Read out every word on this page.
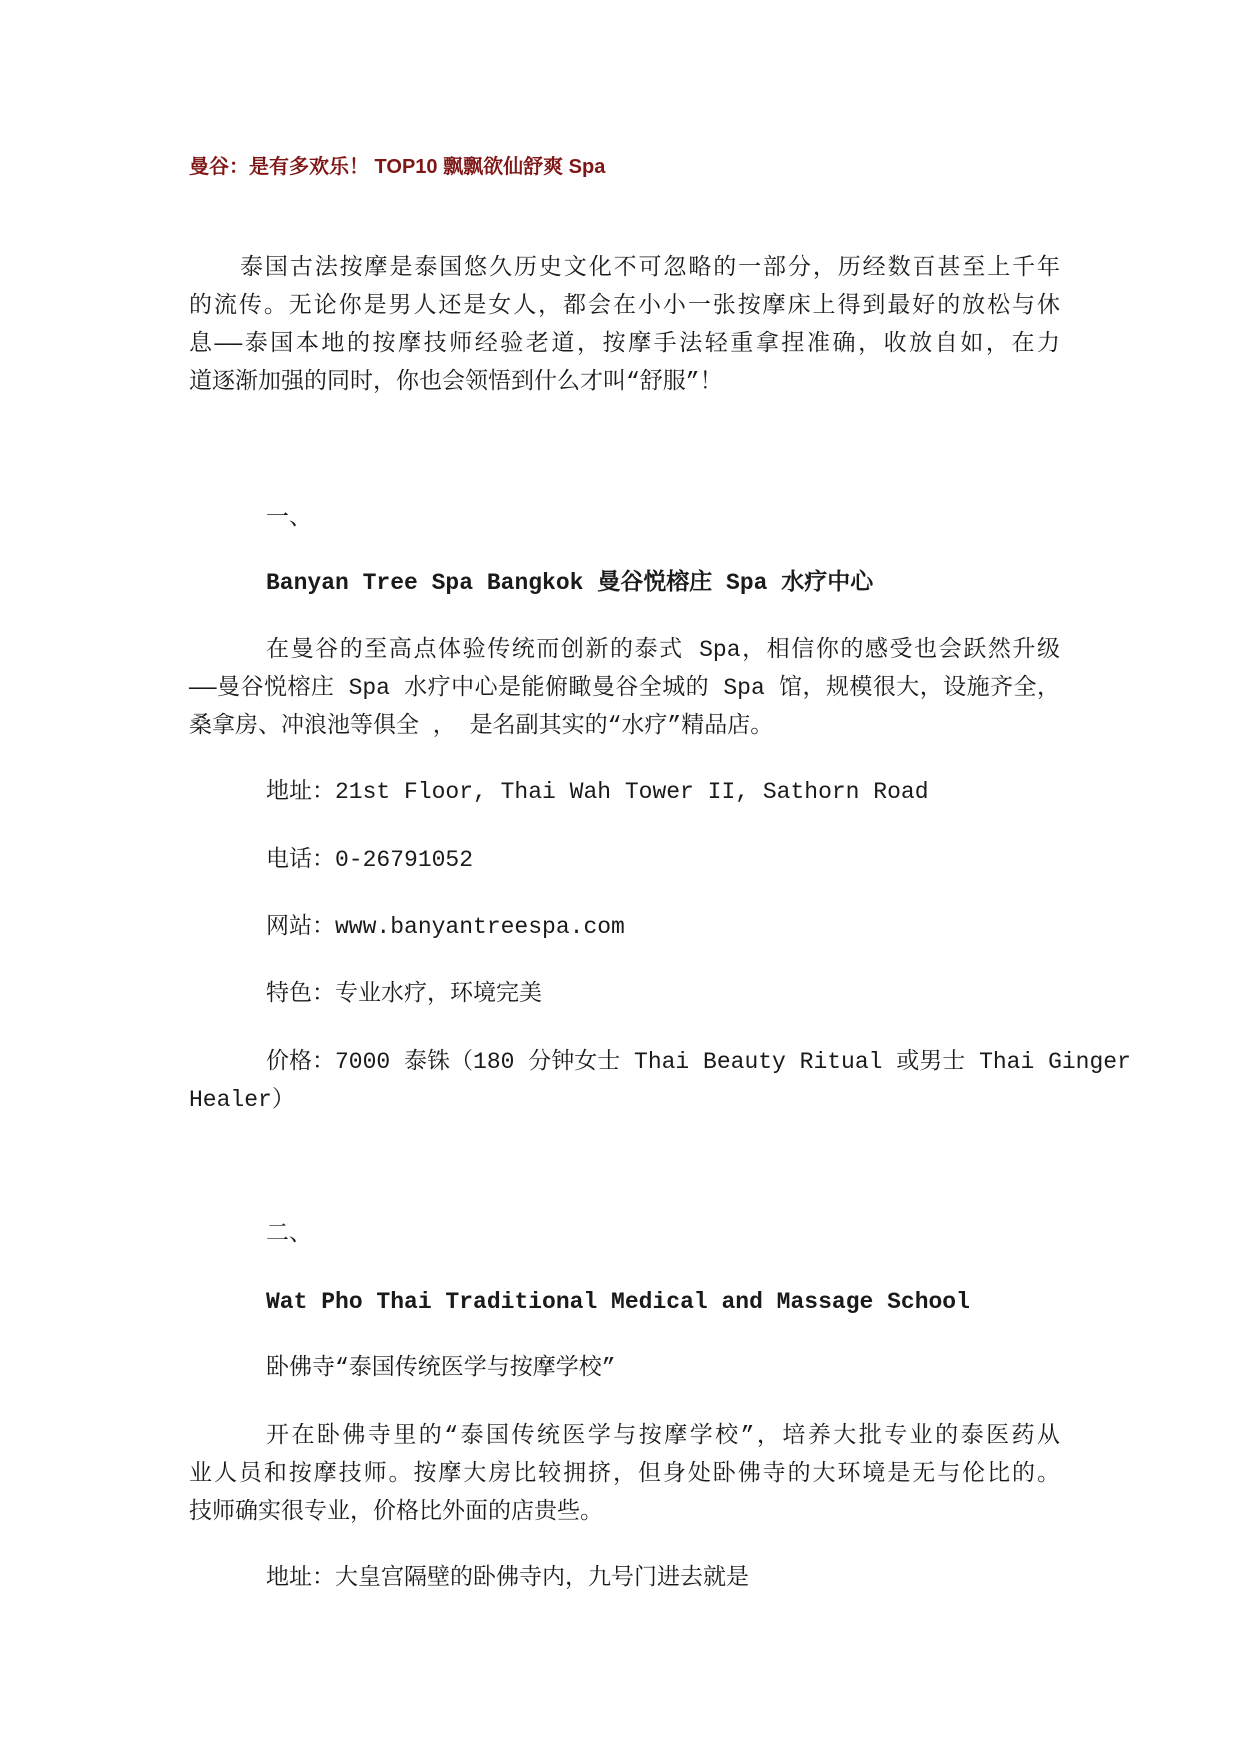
曼谷：是有多欢乐！ TOP10 飘飘欲仙舒爽 Spa
泰国古法按摩是泰国悠久历史文化不可忽略的一部分，历经数百甚至上千年
的流传。无论你是男人还是女人，都会在小小一张按摩床上得到最好的放松与休
息——泰国本地的按摩技师经验老道，按摩手法轻重拿捏准确，收放自如，在力
道逐渐加强的同时，你也会领悟到什么才叫“舒服”！
一、
Banyan Tree Spa Bangkok 曼谷悦榕庄 Spa 水疗中心
在曼谷的至高点体验传统而创新的泰式 Spa，相信你的感受也会跃然升级
——曼谷悦榕庄 Spa 水疗中心是能俯瞰曼谷全城的 Spa 馆，规模很大，设施齐全，
桑拿房、冲浪池等俱全 ， 是名副其实的“水疗”精品店。
地址：21st Floor, Thai Wah Tower II, Sathorn Road
电话：0-26791052
网站：www.banyantreespa.com
特色：专业水疗，环境完美
价格：7000 泰铢（180 分钟女士 Thai Beauty Ritual 或男士 Thai Ginger
Healer）
二、
Wat Pho Thai Traditional Medical and Massage School
卧佛寺“泰国传统医学与按摩学校”
开在卧佛寺里的“泰国传统医学与按摩学校”，培养大批专业的泰医药从
业人员和按摩技师。按摩大房比较拥挤，但身处卧佛寺的大环境是无与伦比的。
技师确实很专业，价格比外面的店贵些。
地址：大皇宫隔壁的卧佛寺内，九号门进去就是
